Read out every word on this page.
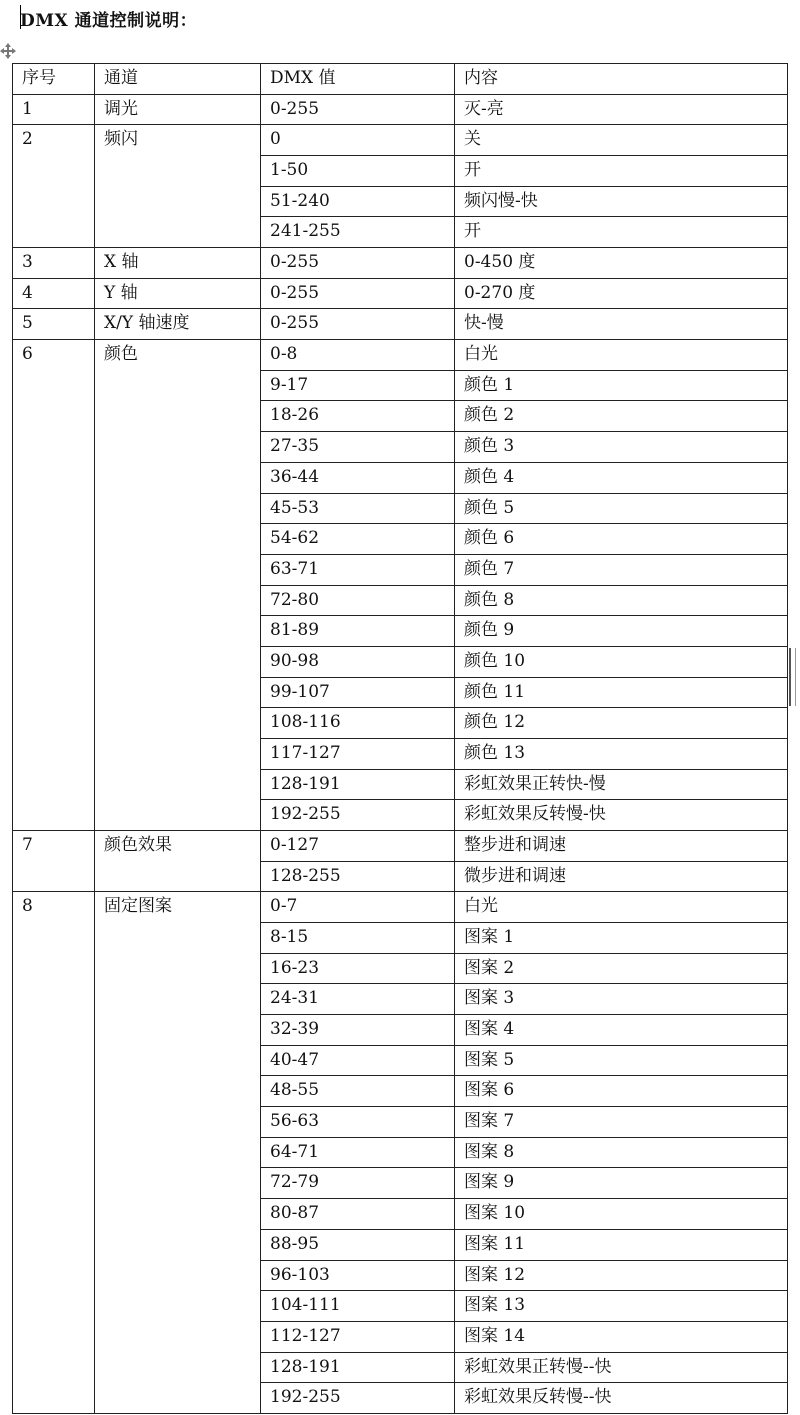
DMX 通道控制说明：
序号	通道	DMX 值	内容
1	调光	0-255	灭-亮
2	频闪	0	关
1-50	开
51-240	频闪慢-快
241-255	开
3	X 轴	0-255	0-450 度
4	Y 轴	0-255	0-270 度
5	X/Y 轴速度	0-255	快-慢
6	颜色	0-8	白光
9-17	颜色 1
18-26	颜色 2
27-35	颜色 3
36-44	颜色 4
45-53	颜色 5
54-62	颜色 6
63-71	颜色 7
72-80	颜色 8
81-89	颜色 9
90-98	颜色 10
99-107	颜色 11
108-116	颜色 12
117-127	颜色 13
128-191	彩虹效果正转快-慢
192-255	彩虹效果反转慢-快
7	颜色效果	0-127	整步进和调速
128-255	微步进和调速
8	固定图案	0-7	白光
8-15	图案 1
16-23	图案 2
24-31	图案 3
32-39	图案 4
40-47	图案 5
48-55	图案 6
56-63	图案 7
64-71	图案 8
72-79	图案 9
80-87	图案 10
88-95	图案 11
96-103	图案 12
104-111	图案 13
112-127	图案 14
128-191	彩虹效果正转慢--快
192-255	彩虹效果反转慢--快
